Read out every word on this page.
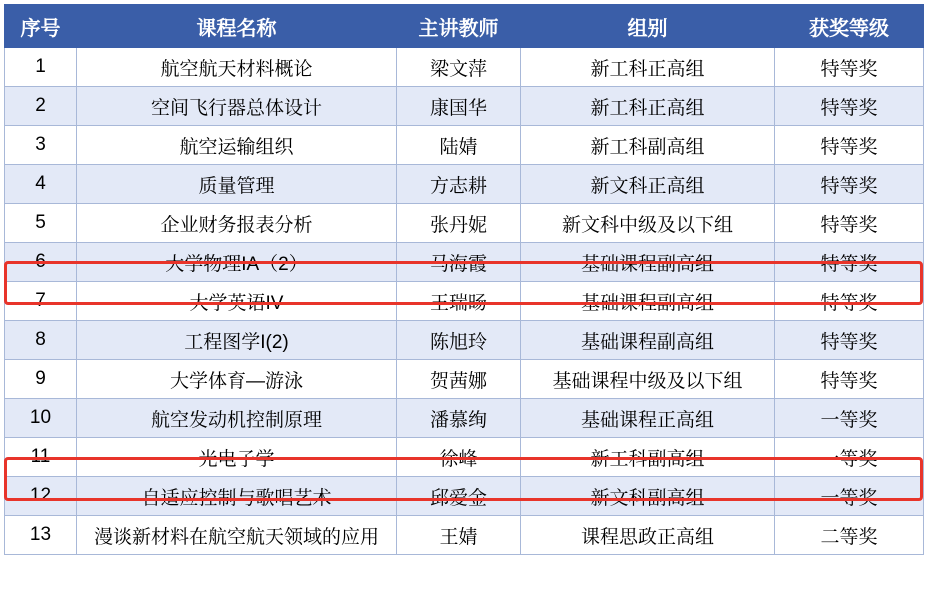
序号	课程名称	主讲教师	组别	获奖等级
1	航空航天材料概论	梁文萍	新工科正高组	特等奖
2	空间飞行器总体设计	康国华	新工科正高组	特等奖
3	航空运输组织	陆婧	新工科副高组	特等奖
4	质量管理	方志耕	新文科正高组	特等奖
5	企业财务报表分析	张丹妮	新文科中级及以下组	特等奖
6	大学物理IA（2）	马海霞	基础课程副高组	特等奖
7	大学英语IV	王瑞旸	基础课程副高组	特等奖
8	工程图学I(2)	陈旭玲	基础课程副高组	特等奖
9	大学体育—游泳	贺茜娜	基础课程中级及以下组	特等奖
10	航空发动机控制原理	潘慕绚	基础课程正高组	一等奖
11	光电子学	徐峰	新工科副高组	一等奖
12	自适应控制与歌唱艺术	邱爱金	新文科副高组	一等奖
13	漫谈新材料在航空航天领域的应用	王婧	课程思政正高组	二等奖
